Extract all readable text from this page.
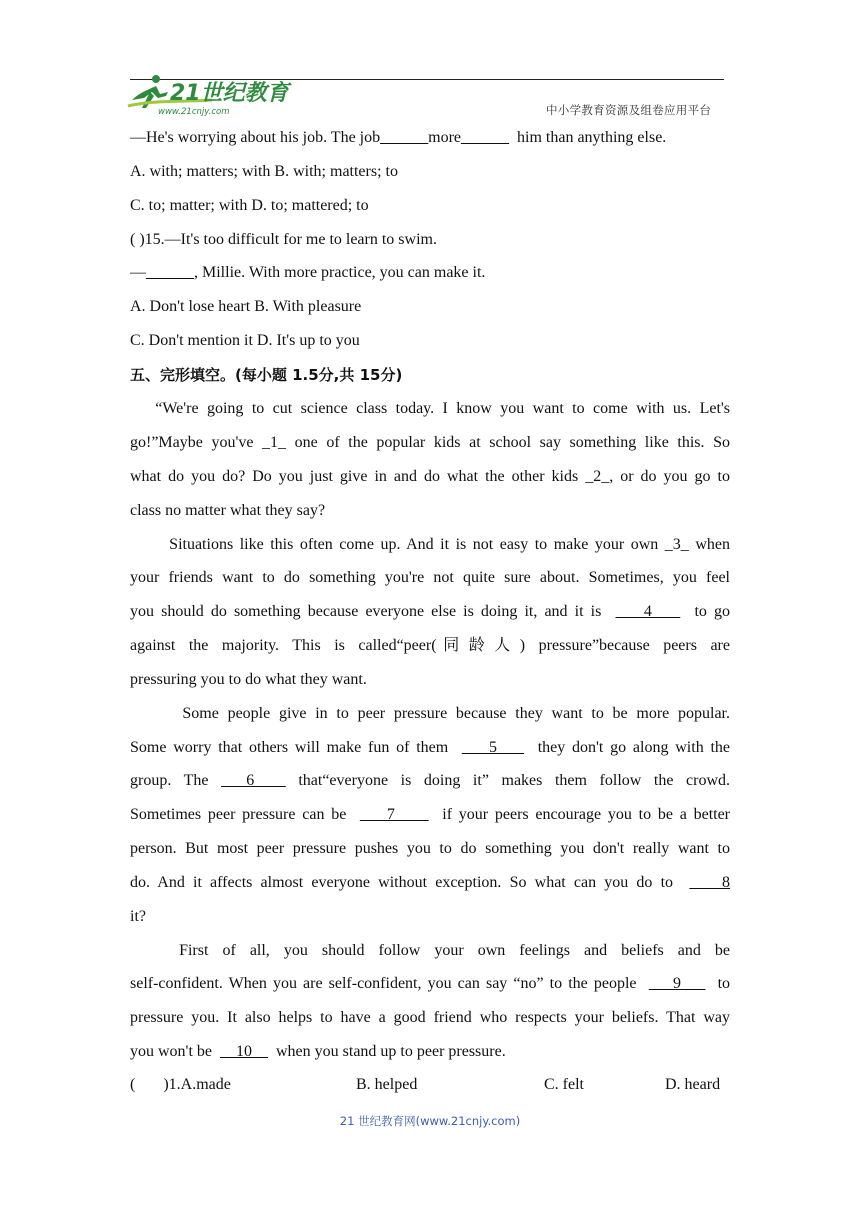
21世纪教育
www.21cnjy.com	中小学教育资源及组卷应用平台
—He's worrying about his job. The job______more______  him than anything else.
A. with; matters; with B. with; matters; to
C. to; matter; with D. to; mattered; to
( )15.—It's too difficult for me to learn to swim.
—______, Millie. With more practice, you can make it.
A. Don't lose heart B. With pleasure
C. Don't mention it D. It's up to you
五、完形填空。(每小题 1.5分,共 15分)
“We're going to cut science class today. I know you want to come with us. Let's
go!”Maybe you've _1_ one of the popular kids at school say something like this. So
what do you do? Do you just give in and do what the other kids _2_, or do you go to
class no matter what they say?
Situations like this often come up. And it is not easy to make your own _3_ when
your friends want to do something you're not quite sure about. Sometimes, you feel
you should do something because everyone else is doing it, and it is      4      to go
against  the  majority.  This  is  called“peer( 同 龄 人 )  pressure”because  peers  are
pressuring you to do what they want.
Some people give in to peer pressure because they want to be more popular.
Some worry that others will make fun of them      5      they don't go along with the
group.  The      6       that“everyone  is  doing  it”  makes  them  follow  the  crowd.
Sometimes peer pressure can be      7       if your peers encourage you to be a better
person. But most peer pressure pushes you to do something you don't really want to
do. And it affects almost everyone without exception. So what can you do to      8
it?
First  of  all,  you  should  follow  your  own  feelings  and  beliefs  and  be
self-confident. When you are self-confident, you can say “no” to the people      9      to
pressure you. It also helps to have a good friend who respects your beliefs. That way
you won't be      10      when you stand up to peer pressure.
(       )1.A.made	B. helped	C. felt	D. heard
21 世纪教育网(www.21cnjy.com)
